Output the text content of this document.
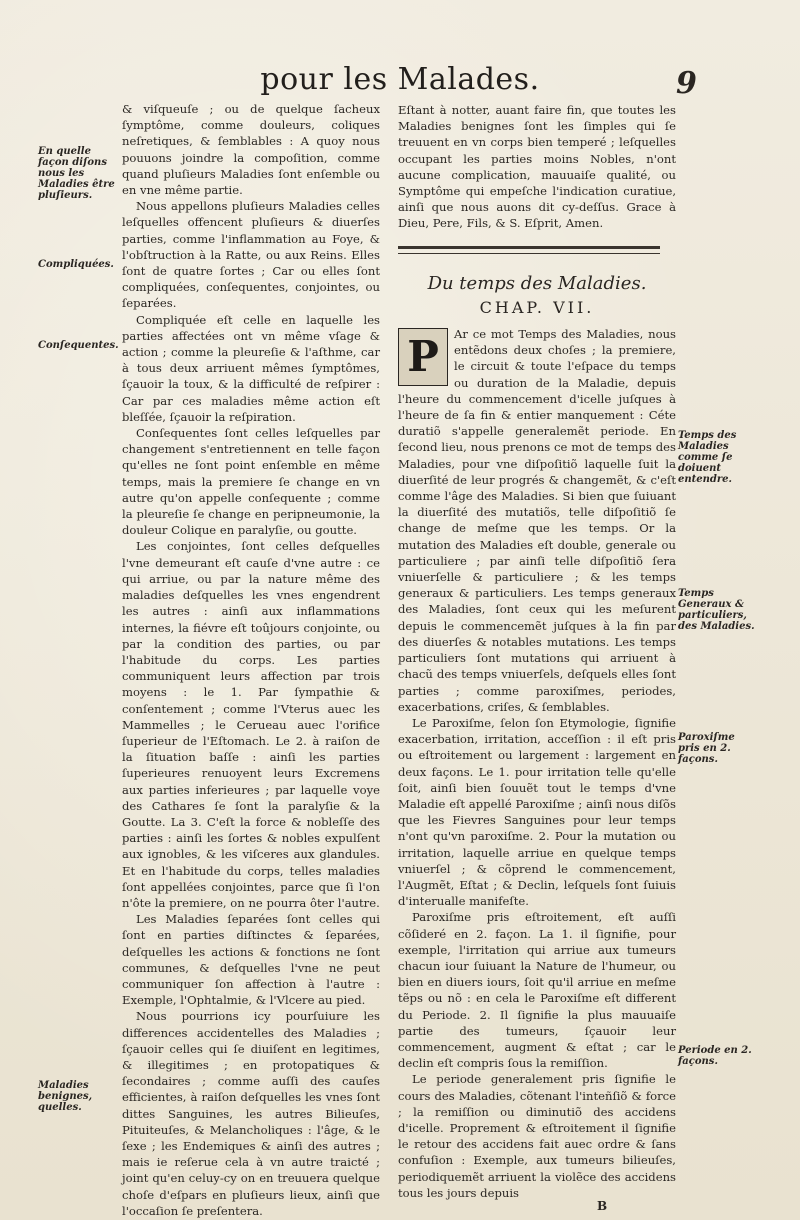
pour les Malades.	9
En quelle façon diſons nous les Maladies être pluſieurs.
Compliquées.
Conſequentes.
Maladies benignes, quelles.

& viſqueuſe ; ou de quelque ſacheux ſymptôme, comme douleurs, coliques neſretiques, & ſemblables : A quoy nous pouuons joindre la compoſition, comme quand pluſieurs Maladies ſont enſemble ou en vne même partie.

Nous appellons pluſieurs Maladies celles leſquelles offencent pluſieurs & diuerſes parties, comme l'inflammation au Foye, & l'obſtruction à la Ratte, ou aux Reins. Elles ſont de quatre ſortes ; Car ou elles ſont compliquées, conſequentes, conjointes, ou ſeparées.

Compliquée eſt celle en laquelle les parties affectées ont vn même vſage & action ; comme la pleureſie & l'aſthme, car à tous deux arriuent mêmes ſymptômes, ſçauoir la toux, & la difficulté de reſpirer : Car par ces maladies même action eſt bleſſée, ſçauoir la reſpiration.

Conſequentes ſont celles leſquelles par changement s'entretiennent en telle façon qu'elles ne ſont point enſemble en même temps, mais la premiere ſe change en vn autre qu'on appelle conſequente ; comme la pleureſie ſe change en peripneumonie, la douleur Colique en paralyſie, ou goutte.

Les conjointes, ſont celles deſquelles l'vne demeurant eſt cauſe d'vne autre : ce qui arriue, ou par la nature même des maladies deſquelles les vnes engendrent les autres : ainſi aux inflammations internes, la fiévre eſt toûjours conjointe, ou par la condition des parties, ou par l'habitude du corps. Les parties communiquent leurs affection par trois moyens : le 1. Par ſympathie & conſentement ; comme l'Vterus auec les Mammelles ; le Cerueau auec l'orifice ſuperieur de l'Eſtomach. Le 2. à raiſon de la ſituation baſſe : ainſi les parties ſuperieures renuoyent leurs Excremens aux parties inferieures ; par laquelle voye des Cathares ſe ſont la paralyſie & la Goutte. La 3. C'eſt la force & nobleſſe des parties : ainſi les ſortes & nobles expulſent aux ignobles, & les viſceres aux glandules. Et en l'habitude du corps, telles maladies ſont appellées conjointes, parce que ſi l'on n'ôte la premiere, on ne pourra ôter l'autre.

Les Maladies ſeparées ſont celles qui ſont en parties diſtinctes & ſeparées, deſquelles les actions & fonctions ne ſont communes, & deſquelles l'vne ne peut communiquer ſon affection à l'autre : Exemple, l'Ophtalmie, & l'Vlcere au pied.

Nous pourrions icy pourſuiure les differences accidentelles des Maladies ; ſçauoir celles qui ſe diuiſent en legitimes, & illegitimes ; en protopatiques & ſecondaires ; comme auſſi des cauſes efficientes, à raiſon deſquelles les vnes ſont dittes Sanguines, les autres Bilieuſes, Pituiteuſes, & Melancholiques : l'âge, & le ſexe ; les Endemiques & ainſi des autres ; mais ie reſerue cela à vn autre traicté ; joint qu'en celuy-cy on en treuuera quelque choſe d'eſpars en pluſieurs lieux, ainſi que l'occaſion ſe preſentera.

Eſtant à notter, auant faire fin, que toutes les Maladies benignes ſont les ſimples qui ſe treuuent en vn corps bien temperé ; leſquelles occupant les parties moins Nobles, n'ont aucune complication, mauuaiſe qualité, ou Symptôme qui empeſche l'indication curatiue, ainſi que nous auons dit cy-deſſus. Grace à Dieu, Pere, Fils, & S. Eſprit, Amen.

Du temps des Maladies.
CHAP. VII.
P	Ar ce mot Temps des Maladies, nous entẽdons deux choſes ; la premiere, le circuit & toute l'eſpace du temps ou duration de la Maladie, depuis l'heure du commencement d'icelle juſques à l'heure de ſa fin & entier manquement : Céte duratiõ s'appelle generalemẽt periode. En ſecond lieu, nous prenons ce mot de temps des Maladies, pour vne diſpoſitiõ laquelle ſuit la diuerſité de leur progrés & changemẽt, & c'eſt comme l'âge des Maladies. Si bien que ſuiuant la diuerſité des mutatiõs, telle diſpoſitiõ ſe change de meſme que les temps. Or la mutation des Maladies eſt double, generale ou particuliere ; par ainſi telle diſpoſitiõ ſera vniuerſelle & particuliere ; & les temps generaux & particuliers. Les temps generaux des Maladies, ſont ceux qui les meſurent depuis le commencemẽt juſques à la fin par des diuerſes & notables mutations. Les temps particuliers ſont mutations qui arriuent à chacũ des temps vniuerſels, deſquels elles ſont parties ; comme paroxiſmes, periodes, exacerbations, criſes, & ſemblables.

Le Paroxiſme, ſelon ſon Etymologie, ſignifie exacerbation, irritation, acceſſion : il eſt pris ou eſtroitement ou largement : largement en deux façons. Le 1. pour irritation telle qu'elle ſoit, ainſi bien ſouuẽt tout le temps d'vne Maladie eſt appellé Paroxiſme ; ainſi nous diſõs que les Fievres Sanguines pour leur temps n'ont qu'vn paroxiſme. 2. Pour la mutation ou irritation, laquelle arriue en quelque temps vniuerſel ; & cõprend le commencement, l'Augmẽt, Eſtat ; & Declin, leſquels ſont ſuiuis d'interualle manifeſte.

Paroxiſme pris eſtroitement, eſt auſſi cõſideré en 2. façon. La 1. il ſignifie, pour exemple, l'irritation qui arriue aux tumeurs chacun iour ſuiuant la Nature de l'humeur, ou bien en diuers iours, ſoit qu'il arriue en meſme tẽps ou nõ : en cela le Paroxiſme eſt different du Periode. 2. Il ſignifie la plus mauuaiſe partie des tumeurs, ſçauoir leur commencement, augment & eſtat ; car le declin eſt compris ſous la remiſſion.

Le periode generalement pris ſignifie le cours des Maladies, cõtenant l'inteñſiõ & force ; la remiſſion ou diminutiõ des accidens d'icelle. Proprement & eſtroitement il ſignifie le retour des accidens fait auec ordre & ſans confuſion : Exemple, aux tumeurs bilieuſes, periodiquemẽt arriuent la violẽce des accidens tous les jours depuis

Temps des Maladies comme ſe doiuent entendre.
Temps Generaux & particuliers, des Maladies.
Paroxiſme pris en 2. façons.
Periode en 2. façons.
B
